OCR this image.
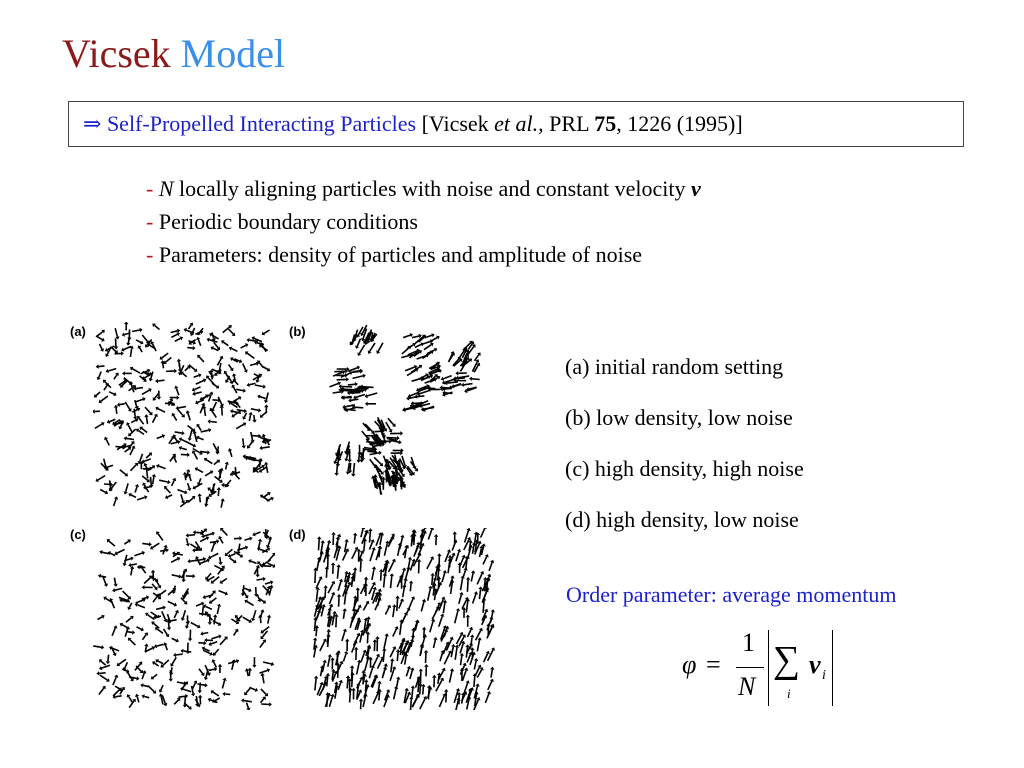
Vicsek Model
⇒ Self-Propelled Interacting Particles [Vicsek et al., PRL 75, 1226 (1995)]
- N locally aligning particles with noise and constant velocity v
- Periodic boundary conditions
- Parameters: density of particles and amplitude of noise
(a)	(b)
(c)	(d)
(a) initial random setting
(b) low density, low noise
(c) high density, high noise
(d) high density, low noise
Order parameter: average momentum
φ =
1
N
∑
i
v i
